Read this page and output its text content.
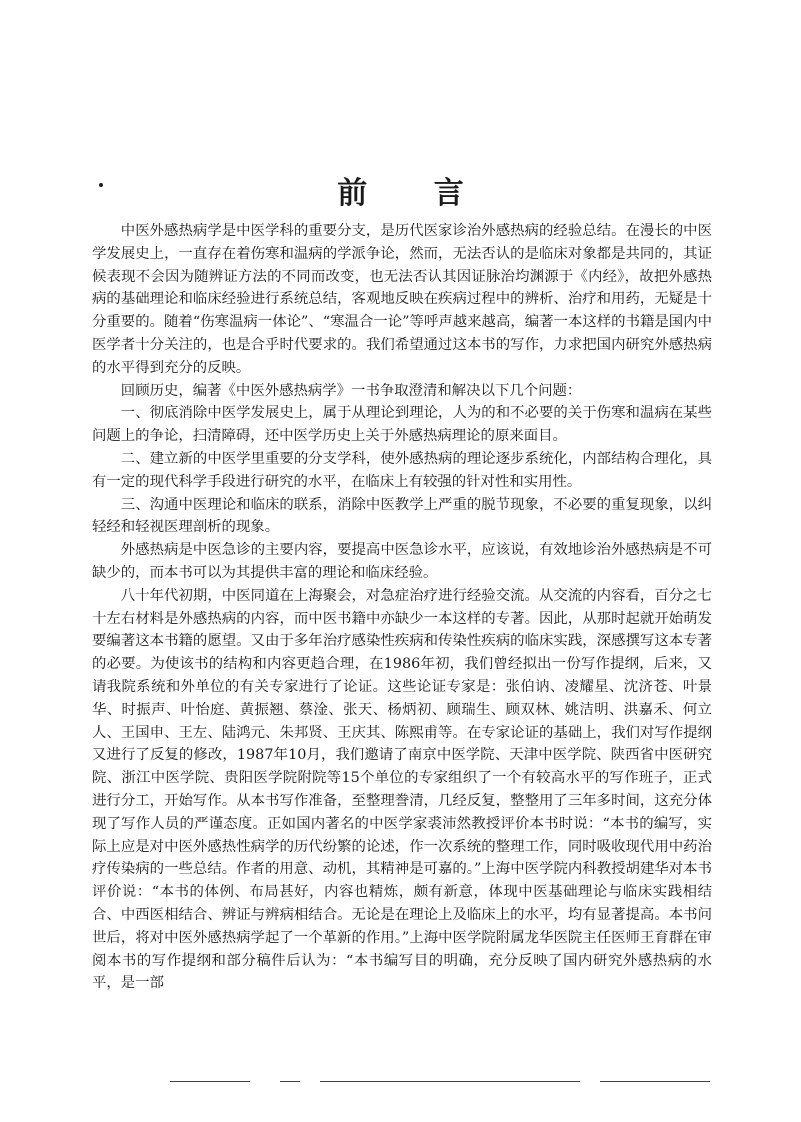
前 言

中医外感热病学是中医学科的重要分支，是历代医家诊治外感热病的经验总结。在漫长的中医学发展史上，一直存在着伤寒和温病的学派争论，然而，无法否认的是临床对象都是共同的，其证候表现不会因为随辨证方法的不同而改变，也无法否认其因证脉治均渊源于《内经》，故把外感热病的基础理论和临床经验进行系统总结，客观地反映在疾病过程中的辨析、治疗和用药，无疑是十分重要的。随着“伤寒温病一体论”、“寒温合一论”等呼声越来越高，编著一本这样的书籍是国内中医学者十分关注的，也是合乎时代要求的。我们希望通过这本书的写作，力求把国内研究外感热病的水平得到充分的反映。

回顾历史，编著《中医外感热病学》一书争取澄清和解决以下几个问题：

一、彻底消除中医学发展史上，属于从理论到理论，人为的和不必要的关于伤寒和温病在某些问题上的争论，扫清障碍，还中医学历史上关于外感热病理论的原来面目。

二、建立新的中医学里重要的分支学科，使外感热病的理论逐步系统化，内部结构合理化，具有一定的现代科学手段进行研究的水平，在临床上有较强的针对性和实用性。

三、沟通中医理论和临床的联系，消除中医教学上严重的脱节现象，不必要的重复现象，以纠轻经和轻视医理剖析的现象。

外感热病是中医急诊的主要内容，要提高中医急诊水平，应该说，有效地诊治外感热病是不可缺少的，而本书可以为其提供丰富的理论和临床经验。

八十年代初期，中医同道在上海聚会，对急症治疗进行经验交流。从交流的内容看，百分之七十左右材料是外感热病的内容，而中医书籍中亦缺少一本这样的专著。因此，从那时起就开始萌发要编著这本书籍的愿望。又由于多年治疗感染性疾病和传染性疾病的临床实践，深感撰写这本专著的必要。为使该书的结构和内容更趋合理，在1986年初，我们曾经拟出一份写作提纲，后来，又请我院系统和外单位的有关专家进行了论证。这些论证专家是：张伯讷、凌耀星、沈济苍、叶景华、时振声、叶怡庭、黄振翘、蔡淦、张天、杨炳初、顾瑞生、顾双林、姚洁明、洪嘉禾、何立人、王国申、王左、陆鸿元、朱邦贤、王庆其、陈熙甫等。在专家论证的基础上，我们对写作提纲又进行了反复的修改，1987年10月，我们邀请了南京中医学院、天津中医学院、陕西省中医研究院、浙江中医学院、贵阳医学院附院等15个单位的专家组织了一个有较高水平的写作班子，正式进行分工，开始写作。从本书写作准备，至整理誊清，几经反复，整整用了三年多时间，这充分体现了写作人员的严谨态度。正如国内著名的中医学家裘沛然教授评价本书时说：“本书的编写，实际上应是对中医外感热性病学的历代纷繁的论述，作一次系统的整理工作，同时吸收现代用中药治疗传染病的一些总结。作者的用意、动机，其精神是可嘉的。”上海中医学院内科教授胡建华对本书评价说：“本书的体例、布局甚好，内容也精炼，颇有新意，体现中医基础理论与临床实践相结合、中西医相结合、辨证与辨病相结合。无论是在理论上及临床上的水平，均有显著提高。本书问世后，将对中医外感热病学起了一个革新的作用。”上海中医学院附属龙华医院主任医师王育群在审阅本书的写作提纲和部分稿件后认为：“本书编写目的明确，充分反映了国内研究外感热病的水平，是一部
